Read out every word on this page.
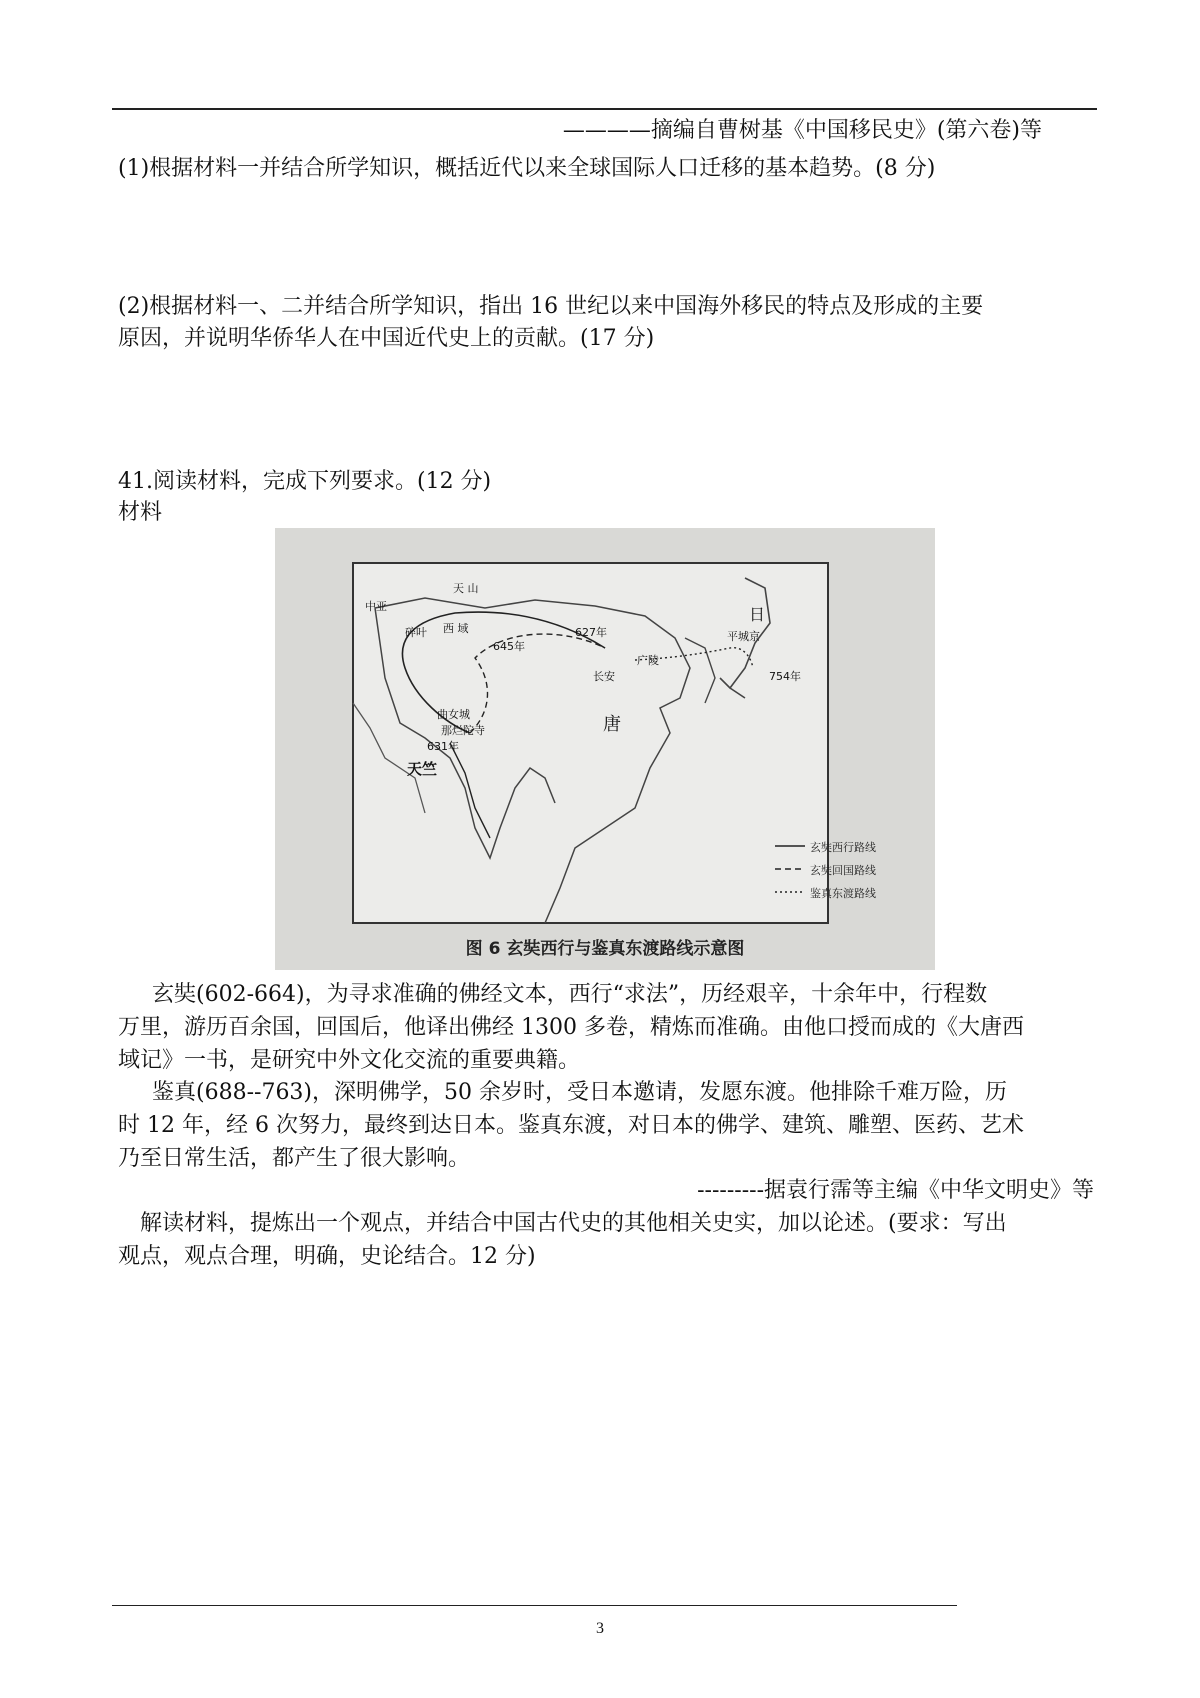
————摘编自曹树基《中国移民史》(第六卷)等
(1)根据材料一并结合所学知识，概括近代以来全球国际人口迁移的基本趋势。(8 分)
(2)根据材料一、二并结合所学知识，指出 16 世纪以来中国海外移民的特点及形成的主要
原因，并说明华侨华人在中国近代史上的贡献。(17 分)
41.阅读材料，完成下列要求。(12 分)
材料
天 山
中亚
西 域
碎叶
645年
627年
长安
广陵
唐
日
平城京
754年
曲女城
那烂陀寺
631年
天竺
玄奘西行路线
玄奘回国路线
鉴真东渡路线
图 6 玄奘西行与鉴真东渡路线示意图
玄奘(602-664)，为寻求准确的佛经文本，西行“求法”，历经艰辛，十余年中，行程数
万里，游历百余国，回国后，他译出佛经 1300 多卷，精炼而准确。由他口授而成的《大唐西
域记》一书，是研究中外文化交流的重要典籍。
鉴真(688--763)，深明佛学，50 余岁时，受日本邀请，发愿东渡。他排除千难万险，历
时 12 年，经 6 次努力，最终到达日本。鉴真东渡，对日本的佛学、建筑、雕塑、医药、艺术
乃至日常生活，都产生了很大影响。
---------据袁行霈等主编《中华文明史》等
解读材料，提炼出一个观点，并结合中国古代史的其他相关史实，加以论述。(要求：写出
观点，观点合理，明确，史论结合。12 分)
3
